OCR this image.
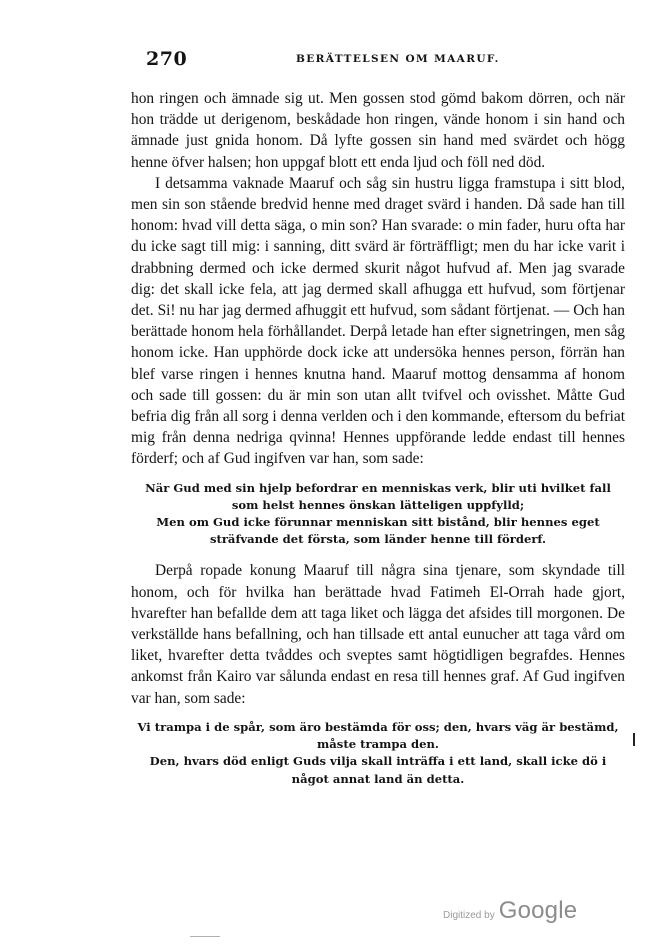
270	BERÄTTELSEN OM MAARUF.

hon ringen och ämnade sig ut. Men gossen stod gömd bakom dörren, och när hon trädde ut derigenom, beskådade hon ringen, vände honom i sin hand och ämnade just gnida honom. Då lyfte gossen sin hand med svärdet och högg henne öfver halsen; hon uppgaf blott ett enda ljud och föll ned död.

I detsamma vaknade Maaruf och såg sin hustru ligga framstupa i sitt blod, men sin son stående bredvid henne med draget svärd i handen. Då sade han till honom: hvad vill detta säga, o min son? Han svarade: o min fader, huru ofta har du icke sagt till mig: i sanning, ditt svärd är förträffligt; men du har icke varit i drabbning dermed och icke dermed skurit något hufvud af. Men jag svarade dig: det skall icke fela, att jag dermed skall afhugga ett hufvud, som förtjenar det. Si! nu har jag dermed afhuggit ett hufvud, som sådant förtjenat. — Och han berättade honom hela förhållandet. Derpå letade han efter signetringen, men såg honom icke. Han upphörde dock icke att undersöka hennes person, förrän han blef varse ringen i hennes knutna hand. Maaruf mottog densamma af honom och sade till gossen: du är min son utan allt tvifvel och ovisshet. Måtte Gud befria dig från all sorg i denna verlden och i den kommande, eftersom du befriat mig från denna nedriga qvinna! Hennes uppförande ledde endast till hennes förderf; och af Gud ingifven var han, som sade:

När Gud med sin hjelp befordrar en menniskas verk, blir uti hvilket fall som helst hennes önskan lätteligen uppfylld;
Men om Gud icke förunnar menniskan sitt bistånd, blir hennes eget sträfvande det första, som länder henne till förderf.

Derpå ropade konung Maaruf till några sina tjenare, som skyndade till honom, och för hvilka han berättade hvad Fatimeh El-Orrah hade gjort, hvarefter han befallde dem att taga liket och lägga det afsides till morgonen. De verkställde hans befallning, och han tillsade ett antal eunucher att taga vård om liket, hvarefter detta tvåddes och sveptes samt högtidligen begrafdes. Hennes ankomst från Kairo var sålunda endast en resa till hennes graf. Af Gud ingifven var han, som sade:

Vi trampa i de spår, som äro bestämda för oss; den, hvars väg är bestämd, måste trampa den.
Den, hvars död enligt Guds vilja skall inträffa i ett land, skall icke dö i något annat land än detta.
Digitized by Google
